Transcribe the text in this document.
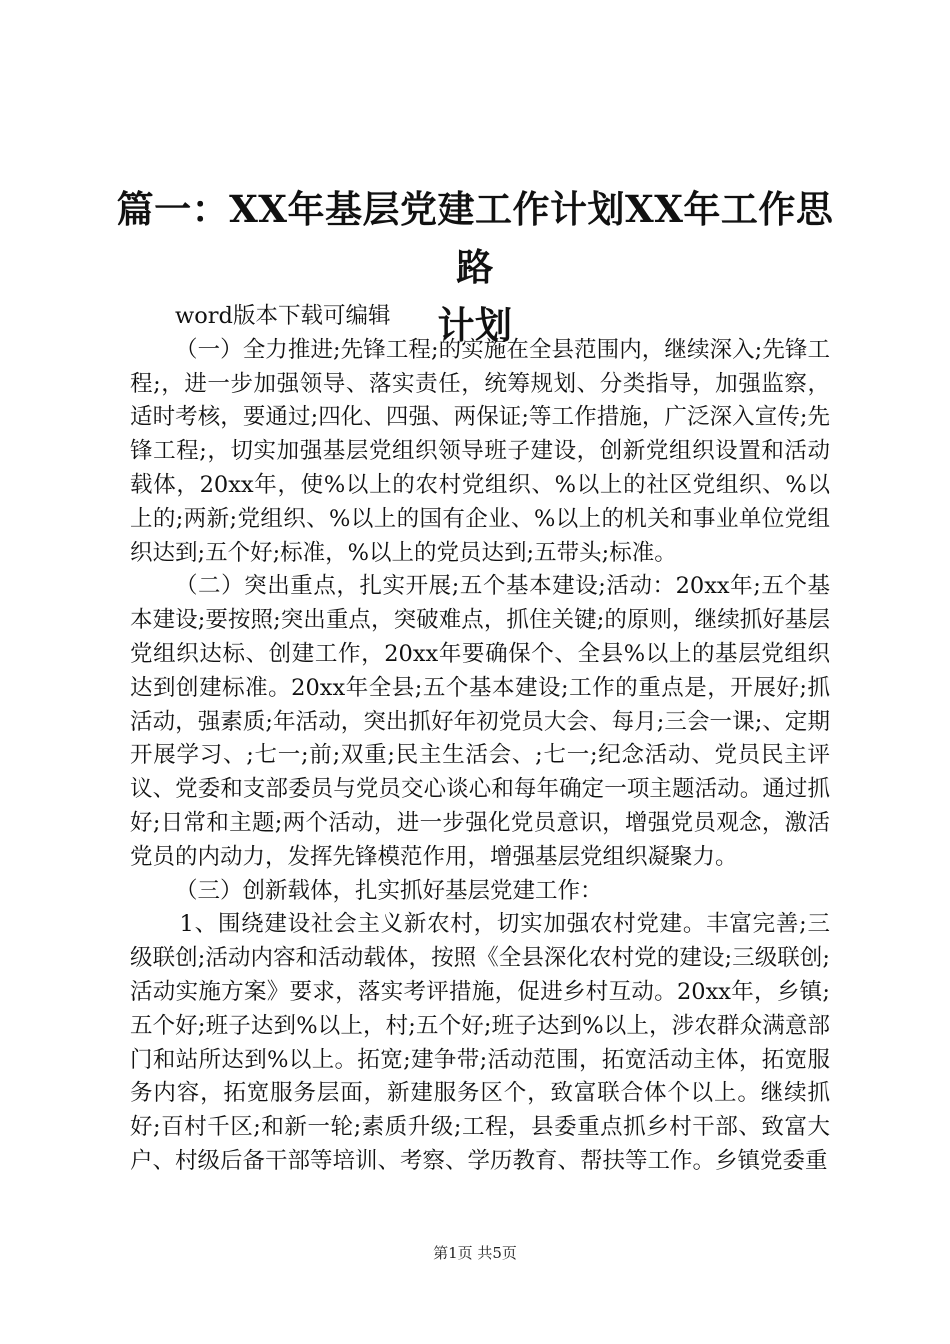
篇一：XX年基层党建工作计划XX年工作思路
计划

word版本下载可编辑

（一）全力推进;先锋工程;的实施在全县范围内，继续深入;先锋工程;，进一步加强领导、落实责任，统筹规划、分类指导，加强监察，适时考核，要通过;四化、四强、两保证;等工作措施，广泛深入宣传;先锋工程;，切实加强基层党组织领导班子建设，创新党组织设置和活动载体，20xx年，使%以上的农村党组织、%以上的社区党组织、%以上的;两新;党组织、%以上的国有企业、%以上的机关和事业单位党组织达到;五个好;标准，%以上的党员达到;五带头;标准。

（二）突出重点，扎实开展;五个基本建设;活动：20xx年;五个基本建设;要按照;突出重点，突破难点，抓住关键;的原则，继续抓好基层党组织达标、创建工作，20xx年要确保个、全县%以上的基层党组织达到创建标准。20xx年全县;五个基本建设;工作的重点是，开展好;抓活动，强素质;年活动，突出抓好年初党员大会、每月;三会一课;、定期开展学习、;七一;前;双重;民主生活会、;七一;纪念活动、党员民主评议、党委和支部委员与党员交心谈心和每年确定一项主题活动。通过抓好;日常和主题;两个活动，进一步强化党员意识，增强党员观念，激活党员的内动力，发挥先锋模范作用，增强基层党组织凝聚力。

（三）创新载体，扎实抓好基层党建工作：

1、围绕建设社会主义新农村，切实加强农村党建。丰富完善;三级联创;活动内容和活动载体，按照《全县深化农村党的建设;三级联创;活动实施方案》要求，落实考评措施，促进乡村互动。20xx年，乡镇;五个好;班子达到%以上，村;五个好;班子达到%以上，涉农群众满意部门和站所达到%以上。拓宽;建争带;活动范围，拓宽活动主体，拓宽服务内容，拓宽服务层面，新建服务区个，致富联合体个以上。继续抓好;百村千区;和新一轮;素质升级;工程，县委重点抓乡村干部、致富大户、村级后备干部等培训、考察、学历教育、帮扶等工作。乡镇党委重

第1页 共5页
